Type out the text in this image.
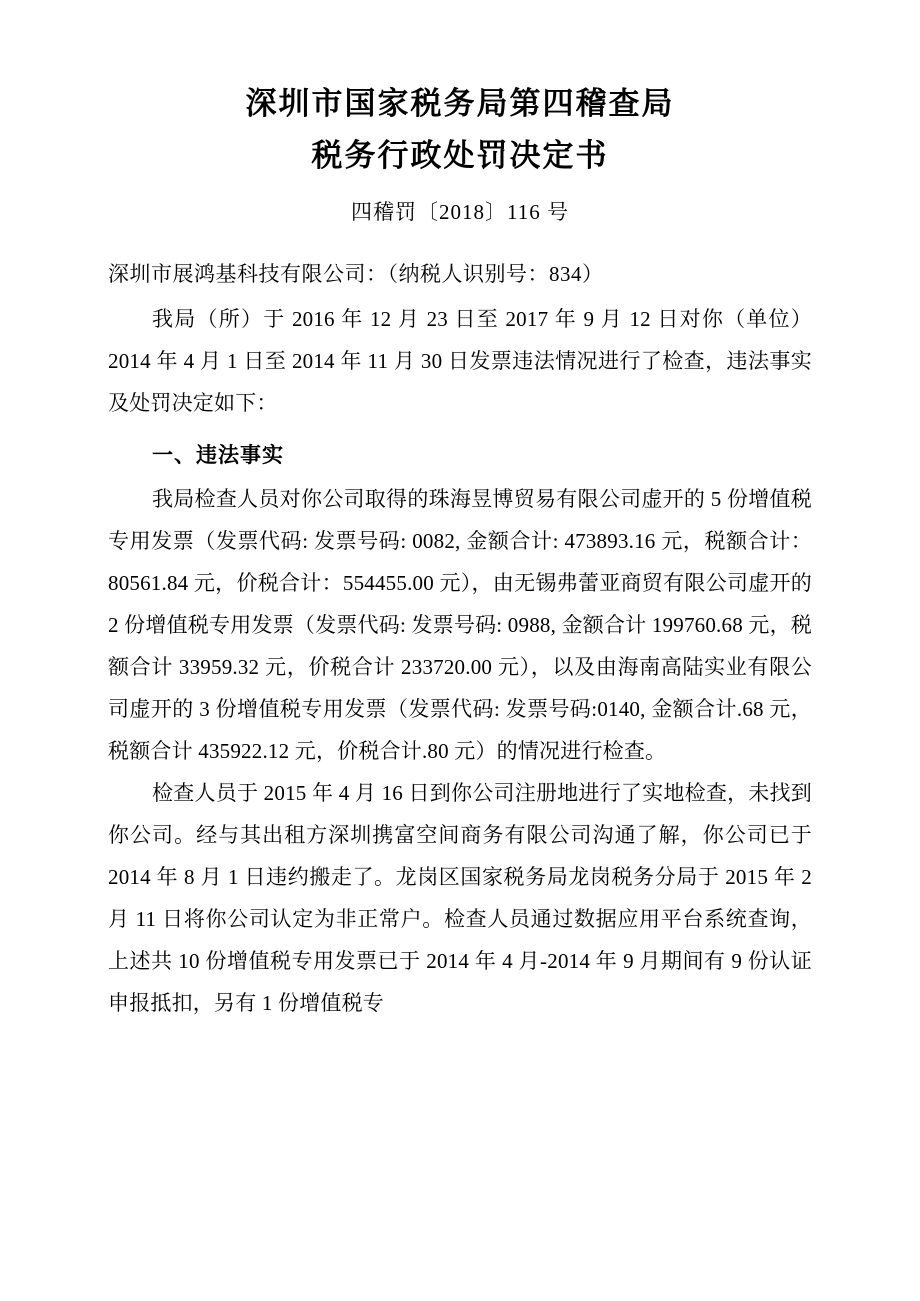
深圳市国家税务局第四稽查局
税务行政处罚决定书
四稽罚〔2018〕116 号
深圳市展鸿基科技有限公司：（纳税人识别号：834）

我局（所）于 2016 年 12 月 23 日至 2017 年 9 月 12 日对你（单位）2014 年 4 月 1 日至 2014 年 11 月 30 日发票违法情况进行了检查，违法事实及处罚决定如下：

一、违法事实

我局检查人员对你公司取得的珠海昱博贸易有限公司虚开的 5 份增值税专用发票（发票代码: 发票号码: 0082, 金额合计: 473893.16 元，税额合计：80561.84 元，价税合计：554455.00 元），由无锡弗蕾亚商贸有限公司虚开的 2 份增值税专用发票（发票代码: 发票号码: 0988, 金额合计 199760.68 元，税额合计 33959.32 元，价税合计 233720.00 元），以及由海南高陆实业有限公司虚开的 3 份增值税专用发票（发票代码: 发票号码:0140, 金额合计.68 元，税额合计 435922.12 元，价税合计.80 元）的情况进行检查。

检查人员于 2015 年 4 月 16 日到你公司注册地进行了实地检查，未找到你公司。经与其出租方深圳携富空间商务有限公司沟通了解，你公司已于 2014 年 8 月 1 日违约搬走了。龙岗区国家税务局龙岗税务分局于 2015 年 2 月 11 日将你公司认定为非正常户。检查人员通过数据应用平台系统查询，上述共 10 份增值税专用发票已于 2014 年 4 月-2014 年 9 月期间有 9 份认证申报抵扣，另有 1 份增值税专
